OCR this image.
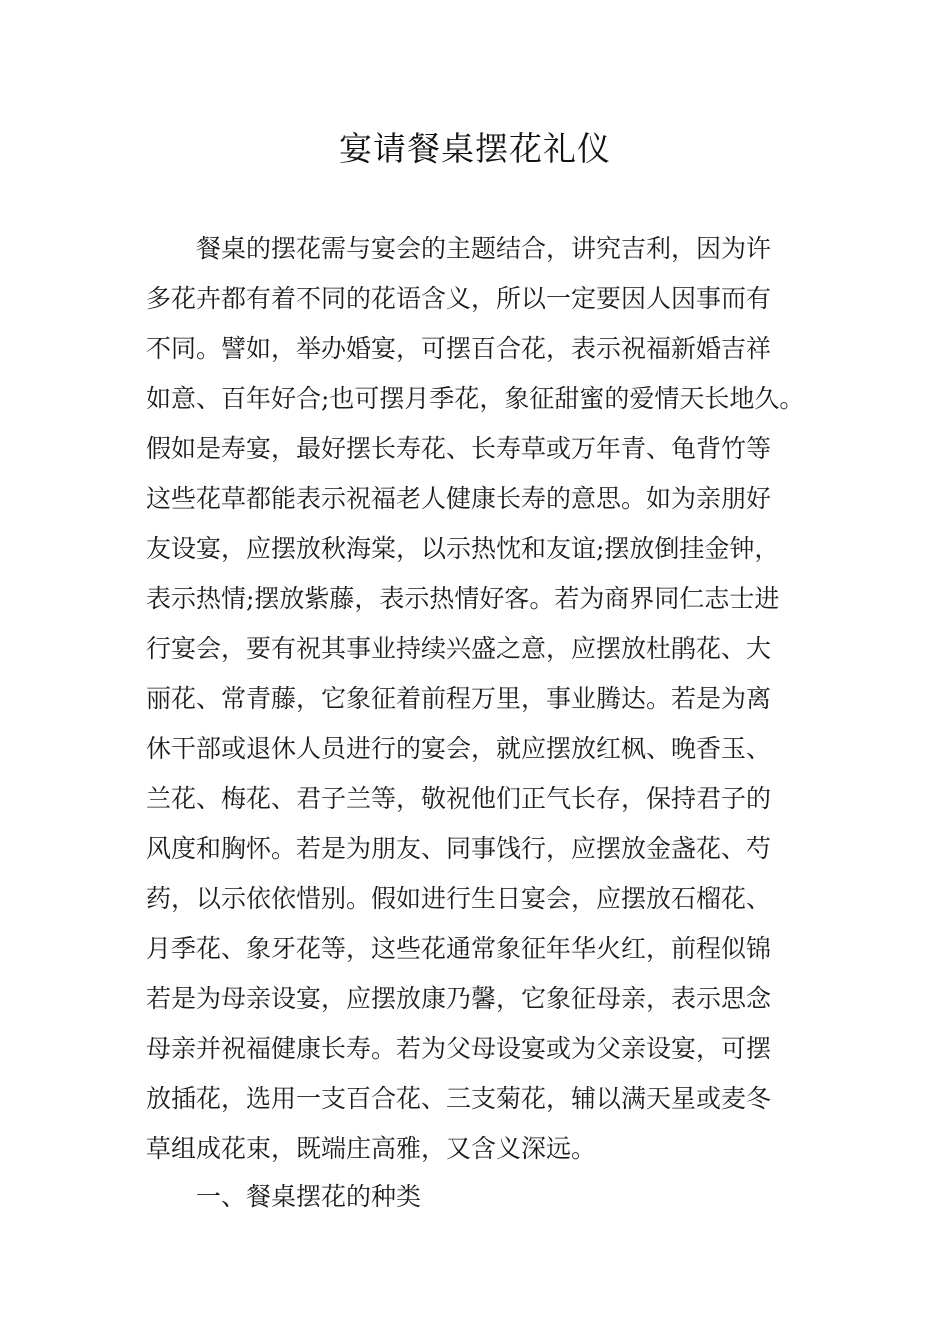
宴请餐桌摆花礼仪
餐桌的摆花需与宴会的主题结合，讲究吉利，因为许
多花卉都有着不同的花语含义，所以一定要因人因事而有
不同。譬如，举办婚宴，可摆百合花，表示祝福新婚吉祥
如意、百年好合;也可摆月季花，象征甜蜜的爱情天长地久。
假如是寿宴，最好摆长寿花、长寿草或万年青、龟背竹等
这些花草都能表示祝福老人健康长寿的意思。如为亲朋好
友设宴，应摆放秋海棠，以示热忱和友谊;摆放倒挂金钟，
表示热情;摆放紫藤，表示热情好客。若为商界同仁志士进
行宴会，要有祝其事业持续兴盛之意，应摆放杜鹃花、大
丽花、常青藤，它象征着前程万里，事业腾达。若是为离
休干部或退休人员进行的宴会，就应摆放红枫、晚香玉、
兰花、梅花、君子兰等，敬祝他们正气长存，保持君子的
风度和胸怀。若是为朋友、同事饯行，应摆放金盏花、芍
药，以示依依惜别。假如进行生日宴会，应摆放石榴花、
月季花、象牙花等，这些花通常象征年华火红，前程似锦
若是为母亲设宴，应摆放康乃馨，它象征母亲，表示思念
母亲并祝福健康长寿。若为父母设宴或为父亲设宴，可摆
放插花，选用一支百合花、三支菊花，辅以满天星或麦冬
草组成花束，既端庄高雅，又含义深远。
一、餐桌摆花的种类
